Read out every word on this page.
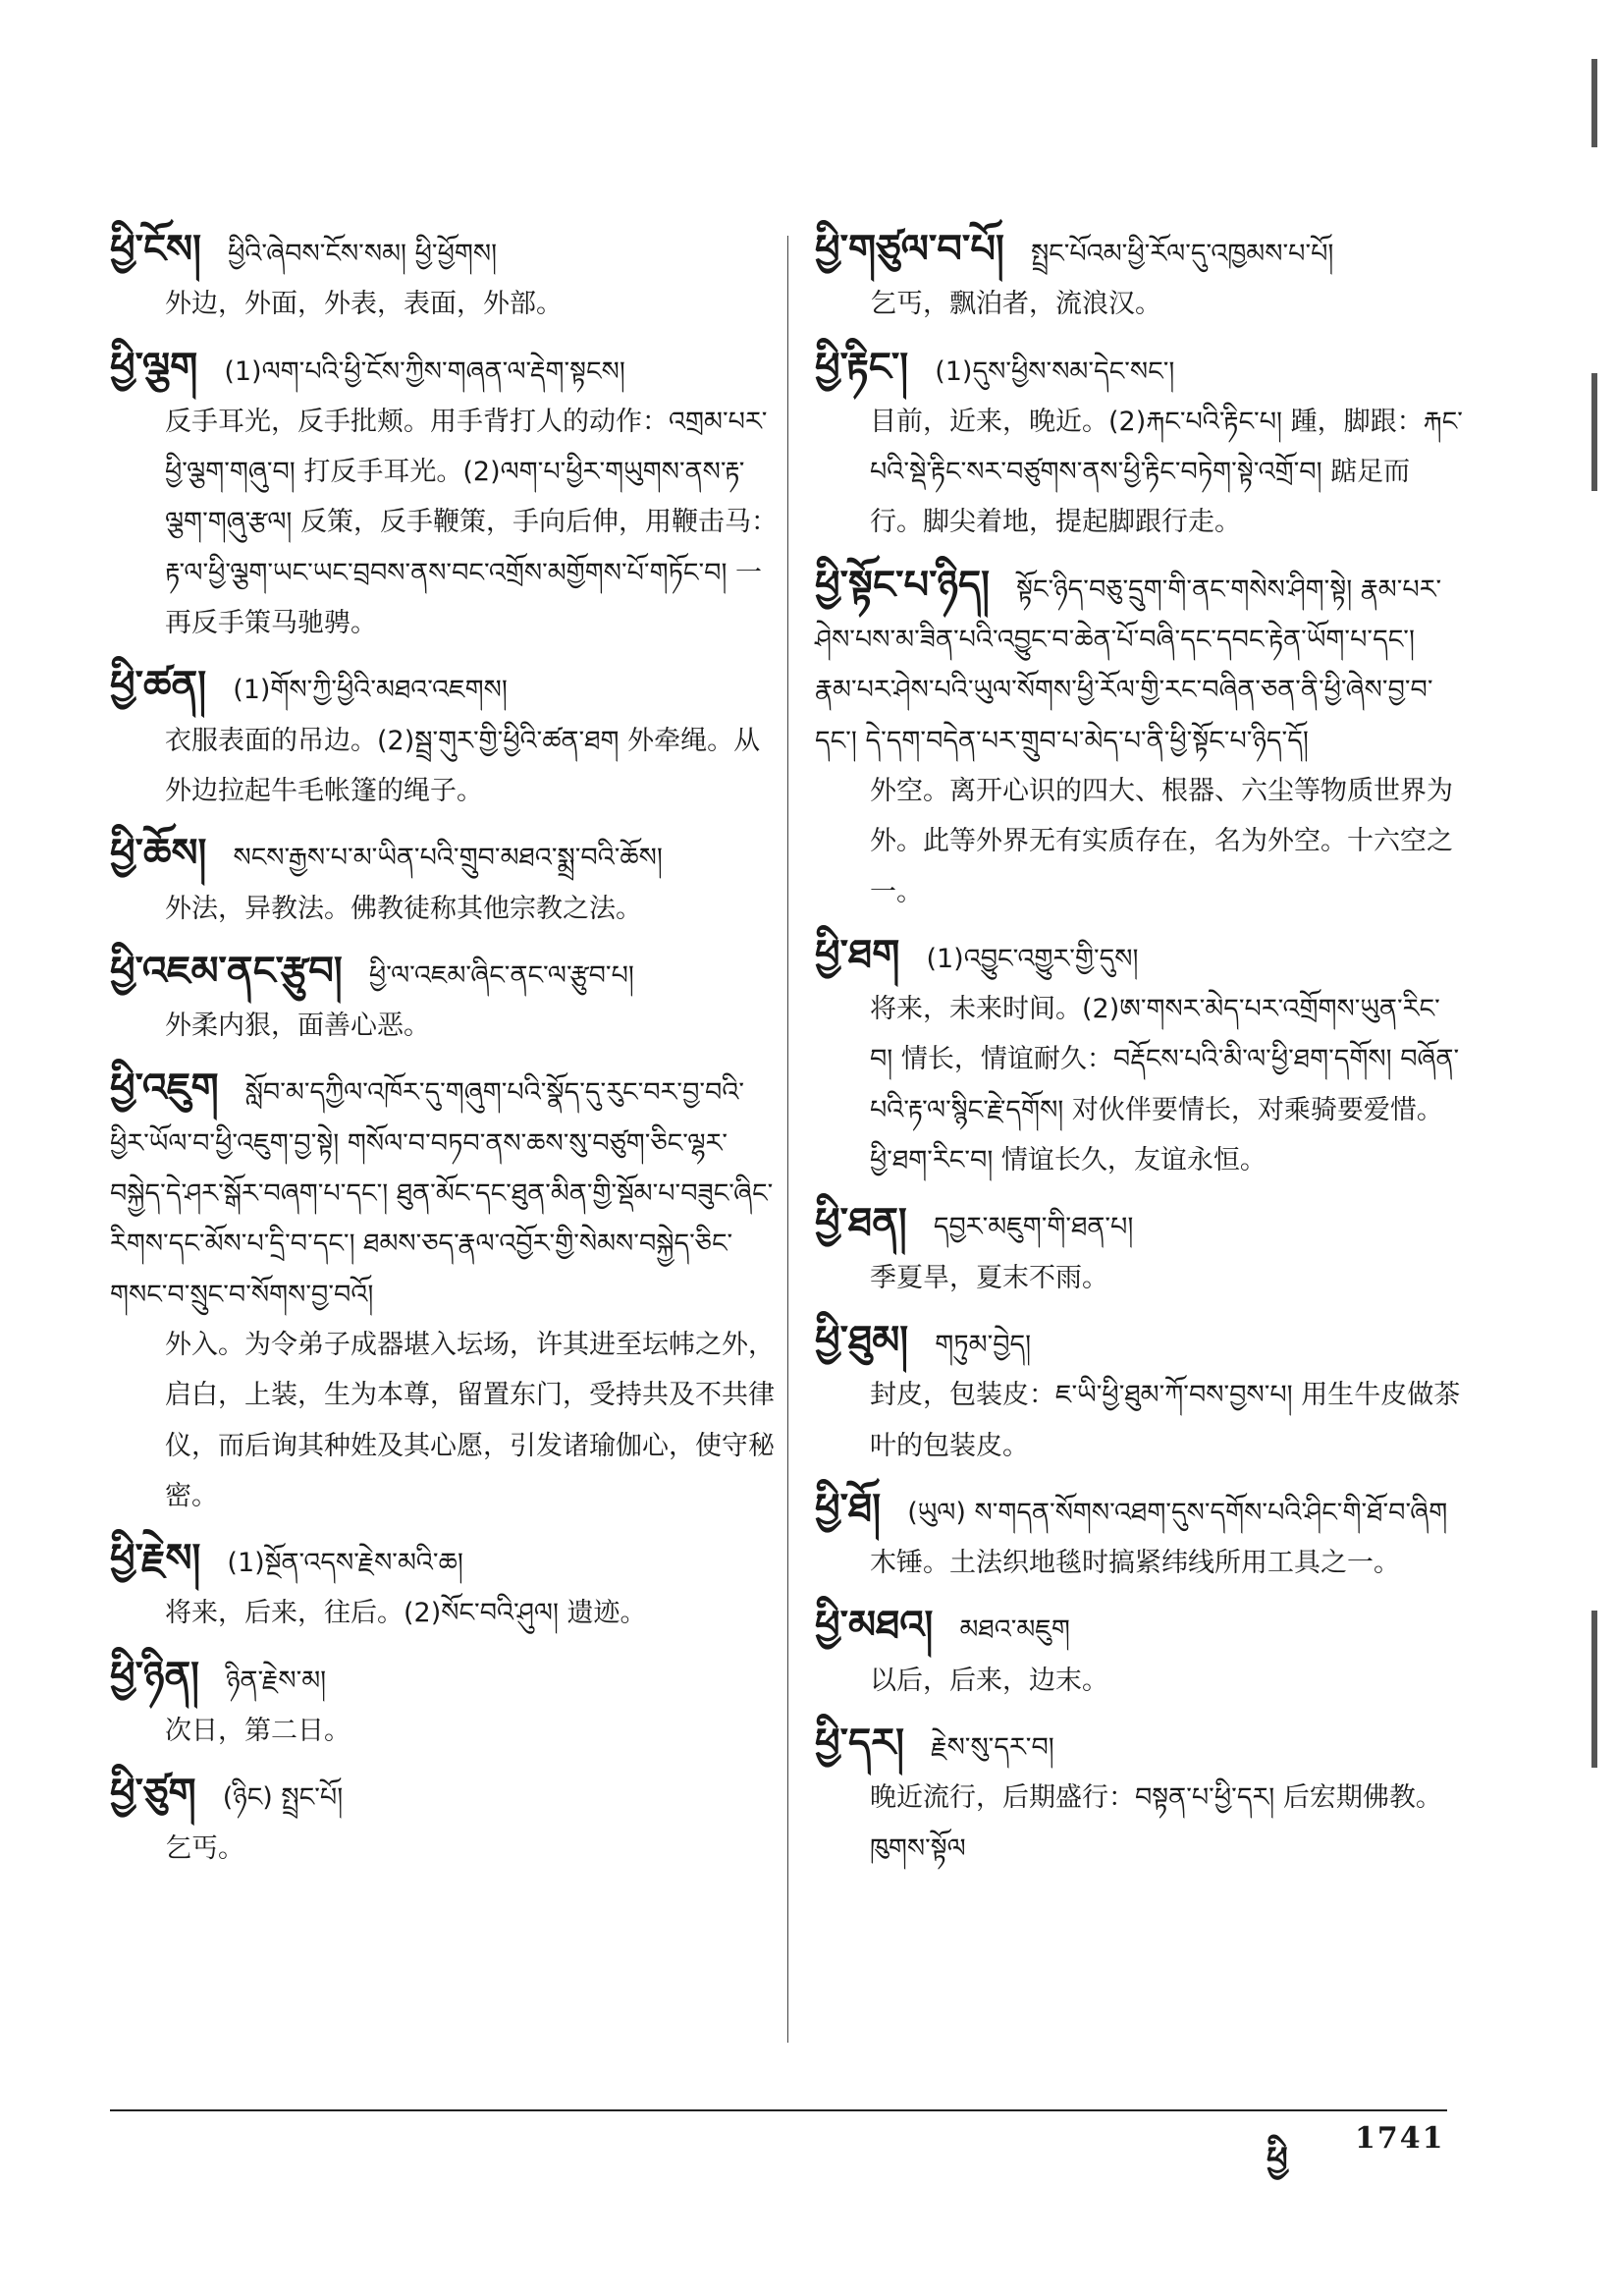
ཕྱི་ངོས། ཕྱིའི་ཞེབས་ངོས་སམ། ཕྱི་ཕྱོགས།
外边，外面，外表，表面，外部。
ཕྱི་ལྕག (1)ལག་པའི་ཕྱི་ངོས་ཀྱིས་གཞན་ལ་རྡེག་སྟངས།
反手耳光，反手批颊。用手背打人的动作：འགྲམ་པར་ཕྱི་ལྕག་གཞུ་བ། 打反手耳光。(2)ལག་པ་ཕྱིར་གཡུགས་ནས་རྟ་ལྕག་གཞུ་རྩལ། 反策，反手鞭策，手向后伸，用鞭击马：རྟ་ལ་ཕྱི་ལྕག་ཡང་ཡང་བྲབས་ནས་བང་འགྲོས་མགྱོགས་པོ་གཏོང་བ། 一再反手策马驰骋。
ཕྱི་ཚན། (1)གོས་ཀྱི་ཕྱིའི་མཐའ་འཇགས།
衣服表面的吊边。(2)སྦྲ་གུར་གྱི་ཕྱིའི་ཚན་ཐག 外牵绳。从外边拉起牛毛帐篷的绳子。
ཕྱི་ཆོས། སངས་རྒྱས་པ་མ་ཡིན་པའི་གྲུབ་མཐའ་སྨྲ་བའི་ཆོས།
外法，异教法。佛教徒称其他宗教之法。
ཕྱི་འཇམ་ནང་རྩུབ། ཕྱི་ལ་འཇམ་ཞིང་ནང་ལ་རྩུབ་པ།
外柔内狠，面善心恶。
ཕྱི་འཇུག སློབ་མ་དཀྱིལ་འཁོར་དུ་གཞུག་པའི་སྣོད་དུ་རུང་བར་བྱ་བའི་ཕྱིར་ཡོལ་བ་ཕྱི་འཇུག་བྱ་སྟེ། གསོལ་བ་བཏབ་ནས་ཆས་སུ་བཙུག་ཅིང་ལྷར་བསྐྱེད་དེ་ཤར་སྒོར་བཞག་པ་དང་། ཐུན་མོང་དང་ཐུན་མིན་གྱི་སྡོམ་པ་བཟུང་ཞིང་རིགས་དང་མོས་པ་དྲི་བ་དང་། ཐམས་ཅད་རྣལ་འབྱོར་གྱི་སེམས་བསྐྱེད་ཅིང་གསང་བ་སྲུང་བ་སོགས་བྱ་བའོ།
外入。为令弟子成器堪入坛场，许其进至坛帏之外，启白，上装，生为本尊，留置东门，受持共及不共律仪，而后询其种姓及其心愿，引发诸瑜伽心，使守秘密。
ཕྱི་རྗེས། (1)སྔོན་འདས་རྗེས་མའི་ཆ།
将来，后来，往后。(2)སོང་བའི་ཤུལ། 遗迹。
ཕྱི་ཉིན། ཉིན་རྗེས་མ།
次日，第二日。
ཕྱི་ཙུག (ཉིང) སྤྲང་པོ།
乞丐。
ཕྱི་གཙུལ་བ་པོ། སྤྲང་པོའམ་ཕྱི་རོལ་དུ་འཁྱམས་པ་པོ།
乞丐，飘泊者，流浪汉。
ཕྱི་རྟིང་། (1)དུས་ཕྱིས་སམ་དེང་སང་།
目前，近来，晚近。(2)རྐང་པའི་རྟིང་པ། 踵，脚跟：རྐང་པའི་སྡེ་རྟིང་སར་བཙུགས་ནས་ཕྱི་རྟིང་བཏེག་སྟེ་འགྲོ་བ། 踮足而行。脚尖着地，提起脚跟行走。
ཕྱི་སྟོང་པ་ཉིད། སྟོང་ཉིད་བཅུ་དྲུག་གི་ནང་གསེས་ཤིག་སྟེ། རྣམ་པར་ཤེས་པས་མ་ཟིན་པའི་འབྱུང་བ་ཆེན་པོ་བཞི་དང་དབང་རྟེན་ཡོག་པ་དང་། རྣམ་པར་ཤེས་པའི་ཡུལ་སོགས་ཕྱི་རོལ་གྱི་རང་བཞིན་ཅན་ནི་ཕྱི་ཞེས་བྱ་བ་དང་། དེ་དག་བདེན་པར་གྲུབ་པ་མེད་པ་ནི་ཕྱི་སྟོང་པ་ཉིད་དོ།
外空。离开心识的四大、根器、六尘等物质世界为外。此等外界无有实质存在，名为外空。十六空之一。
ཕྱི་ཐག (1)འབྱུང་འགྱུར་གྱི་དུས།
将来，未来时间。(2)ཨ་གསར་མེད་པར་འགྲོགས་ཡུན་རིང་བ། 情长，情谊耐久：བརྡོངས་པའི་མི་ལ་ཕྱི་ཐག་དགོས། བཞོན་པའི་རྟ་ལ་སྙིང་རྗེ་དགོས། 对伙伴要情长，对乘骑要爱惜。ཕྱི་ཐག་རིང་བ། 情谊长久，友谊永恒。
ཕྱི་ཐན། དབྱར་མཇུག་གི་ཐན་པ།
季夏旱，夏末不雨。
ཕྱི་ཐུམ། གཏུམ་བྱེད།
封皮，包装皮：ཇ་ཡི་ཕྱི་ཐུམ་ཀོ་བས་བྱས་པ། 用生牛皮做茶叶的包装皮。
ཕྱི་ཐོ། (ཡུལ) ས་གདན་སོགས་འཐག་དུས་དགོས་པའི་ཤིང་གི་ཐོ་བ་ཞིག
木锤。土法织地毯时搞紧纬线所用工具之一。
ཕྱི་མཐའ། མཐའ་མཇུག
以后，后来，边末。
ཕྱི་དར། རྗེས་སུ་དར་བ།
晚近流行，后期盛行：བསྟན་པ་ཕྱི་དར། 后宏期佛教。ཁུགས་སྟོལ
ཕྱི
1741
